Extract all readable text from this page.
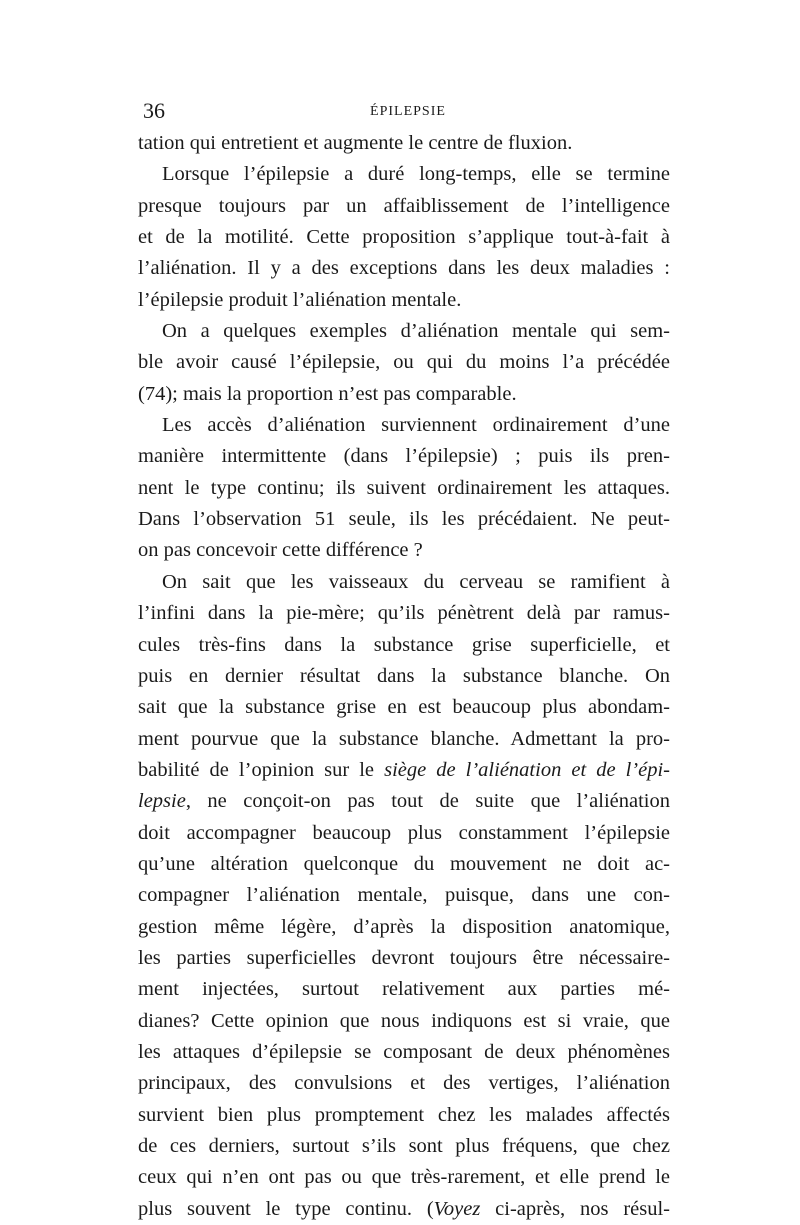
36	ÉPILEPSIE
tation qui entretient et augmente le centre de fluxion.
Lorsque l’épilepsie a duré long-temps, elle se termine
presque toujours par un affaiblissement de l’intelligence
et de la motilité. Cette proposition s’applique tout-à-fait à
l’aliénation. Il y a des exceptions dans les deux maladies :
l’épilepsie produit l’aliénation mentale.
On a quelques exemples d’aliénation mentale qui sem-
ble avoir causé l’épilepsie, ou qui du moins l’a précédée
(74); mais la proportion n’est pas comparable.
Les accès d’aliénation surviennent ordinairement d’une
manière intermittente (dans l’épilepsie) ; puis ils pren-
nent le type continu; ils suivent ordinairement les attaques.
Dans l’observation 51 seule, ils les précédaient. Ne peut-
on pas concevoir cette différence ?
On sait que les vaisseaux du cerveau se ramifient à
l’infini dans la pie-mère; qu’ils pénètrent delà par ramus-
cules très-fins dans la substance grise superficielle, et
puis en dernier résultat dans la substance blanche. On
sait que la substance grise en est beaucoup plus abondam-
ment pourvue que la substance blanche. Admettant la pro-
babilité de l’opinion sur le siège de l’aliénation et de l’épi-
lepsie, ne conçoit-on pas tout de suite que l’aliénation
doit accompagner beaucoup plus constamment l’épilepsie
qu’une altération quelconque du mouvement ne doit ac-
compagner l’aliénation mentale, puisque, dans une con-
gestion même légère, d’après la disposition anatomique,
les parties superficielles devront toujours être nécessaire-
ment injectées, surtout relativement aux parties mé-
dianes? Cette opinion que nous indiquons est si vraie, que
les attaques d’épilepsie se composant de deux phénomènes
principaux, des convulsions et des vertiges, l’aliénation
survient bien plus promptement chez les malades affectés
de ces derniers, surtout s’ils sont plus fréquens, que chez
ceux qui n’en ont pas ou que très-rarement, et elle prend le
plus souvent le type continu. (Voyez ci-après, nos résul-
